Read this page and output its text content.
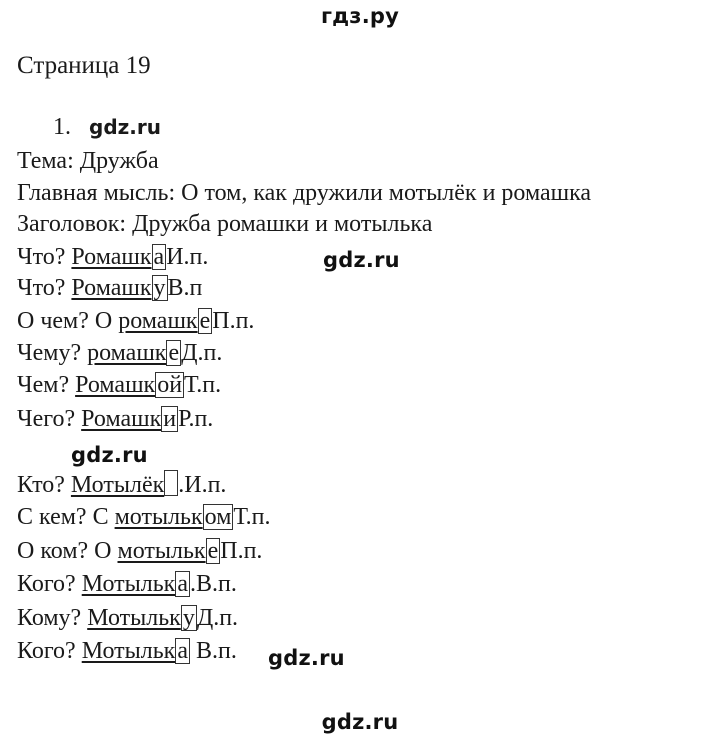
гдз.ру
Страница 19
1. gdz.ru
Тема: Дружба
Главная мысль: О том, как дружили мотылёк и ромашка
Заголовок: Дружба ромашки и мотылька
Что? РомашкаИ.п.
Что? РомашкуВ.п
О чем? О ромашкеП.п.
Чему? ромашкеД.п.
Чем? РомашкойТ.п.
Чего? РомашкиР.п.
Кто? Мотылёк .И.п.
С кем? С мотылькомТ.п.
О ком? О мотылькеП.п.
Кого? Мотылька.В.п.
Кому? МотылькуД.п.
Кого? Мотылька В.п.
gdz.ru
gdz.ru
gdz.ru
gdz.ru
